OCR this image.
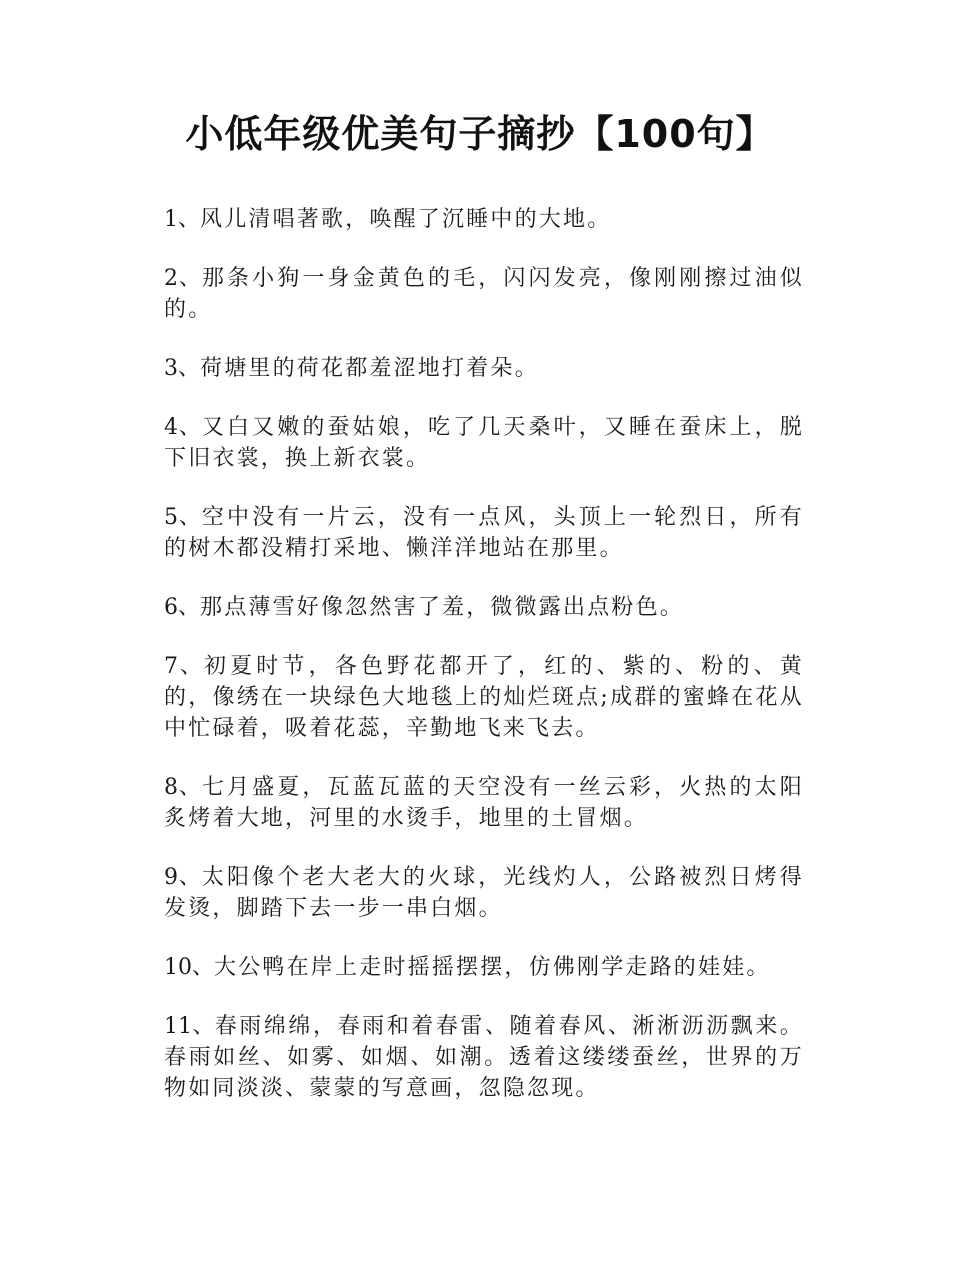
小低年级优美句子摘抄【100句】

1、风儿清唱著歌，唤醒了沉睡中的大地。

2、那条小狗一身金黄色的毛，闪闪发亮，像刚刚擦过油似的。

3、荷塘里的荷花都羞涩地打着朵。

4、又白又嫩的蚕姑娘，吃了几天桑叶，又睡在蚕床上，脱下旧衣裳，换上新衣裳。

5、空中没有一片云，没有一点风，头顶上一轮烈日，所有的树木都没精打采地、懒洋洋地站在那里。

6、那点薄雪好像忽然害了羞，微微露出点粉色。

7、初夏时节，各色野花都开了，红的、紫的、粉的、黄的，像绣在一块绿色大地毯上的灿烂斑点;成群的蜜蜂在花从中忙碌着，吸着花蕊，辛勤地飞来飞去。

8、七月盛夏，瓦蓝瓦蓝的天空没有一丝云彩，火热的太阳炙烤着大地，河里的水烫手，地里的土冒烟。

9、太阳像个老大老大的火球，光线灼人，公路被烈日烤得发烫，脚踏下去一步一串白烟。

10、大公鸭在岸上走时摇摇摆摆，仿佛刚学走路的娃娃。

11、春雨绵绵，春雨和着春雷、随着春风、淅淅沥沥飘来。春雨如丝、如雾、如烟、如潮。透着这缕缕蚕丝，世界的万物如同淡淡、蒙蒙的写意画，忽隐忽现。
